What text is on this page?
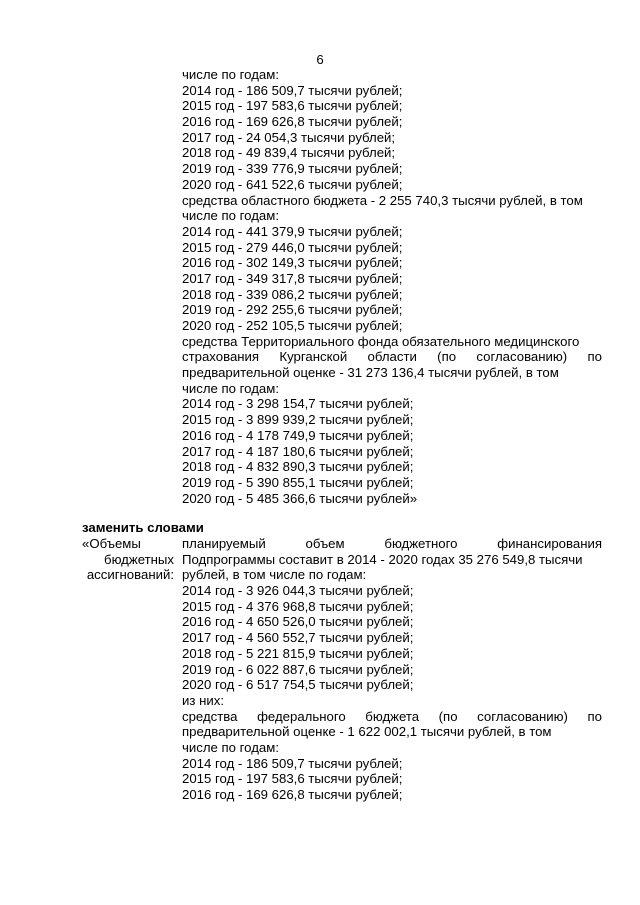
6
числе по годам:
2014 год - 186 509,7 тысячи рублей;
2015 год - 197 583,6 тысячи рублей;
2016 год - 169 626,8 тысячи рублей;
2017 год - 24 054,3 тысячи рублей;
2018 год - 49 839,4 тысячи рублей;
2019 год - 339 776,9 тысячи рублей;
2020 год - 641 522,6 тысячи рублей;
средства областного бюджета - 2 255 740,3 тысячи рублей, в том
числе по годам:
2014 год - 441 379,9 тысячи рублей;
2015 год - 279 446,0 тысячи рублей;
2016 год - 302 149,3 тысячи рублей;
2017 год - 349 317,8 тысячи рублей;
2018 год - 339 086,2 тысячи рублей;
2019 год - 292 255,6 тысячи рублей;
2020 год - 252 105,5 тысячи рублей;
средства Территориального фонда обязательного медицинского
страхования Курганской области (по согласованию) по
предварительной оценке - 31 273 136,4 тысячи рублей, в том
числе по годам:
2014 год - 3 298 154,7 тысячи рублей;
2015 год - 3 899 939,2 тысячи рублей;
2016 год - 4 178 749,9 тысячи рублей;
2017 год - 4 187 180,6 тысячи рублей;
2018 год - 4 832 890,3 тысячи рублей;
2019 год - 5 390 855,1 тысячи рублей;
2020 год - 5 485 366,6 тысячи рублей»
заменить словами
«Объемы
бюджетных
ассигнований:
планируемый объем бюджетного финансирования
Подпрограммы составит в 2014 - 2020 годах 35 276 549,8 тысячи
рублей, в том числе по годам:
2014 год - 3 926 044,3 тысячи рублей;
2015 год - 4 376 968,8 тысячи рублей;
2016 год - 4 650 526,0 тысячи рублей;
2017 год - 4 560 552,7 тысячи рублей;
2018 год - 5 221 815,9 тысячи рублей;
2019 год - 6 022 887,6 тысячи рублей;
2020 год - 6 517 754,5 тысячи рублей;
из них:
средства федерального бюджета (по согласованию) по
предварительной оценке - 1 622 002,1 тысячи рублей, в том
числе по годам:
2014 год - 186 509,7 тысячи рублей;
2015 год - 197 583,6 тысячи рублей;
2016 год - 169 626,8 тысячи рублей;
